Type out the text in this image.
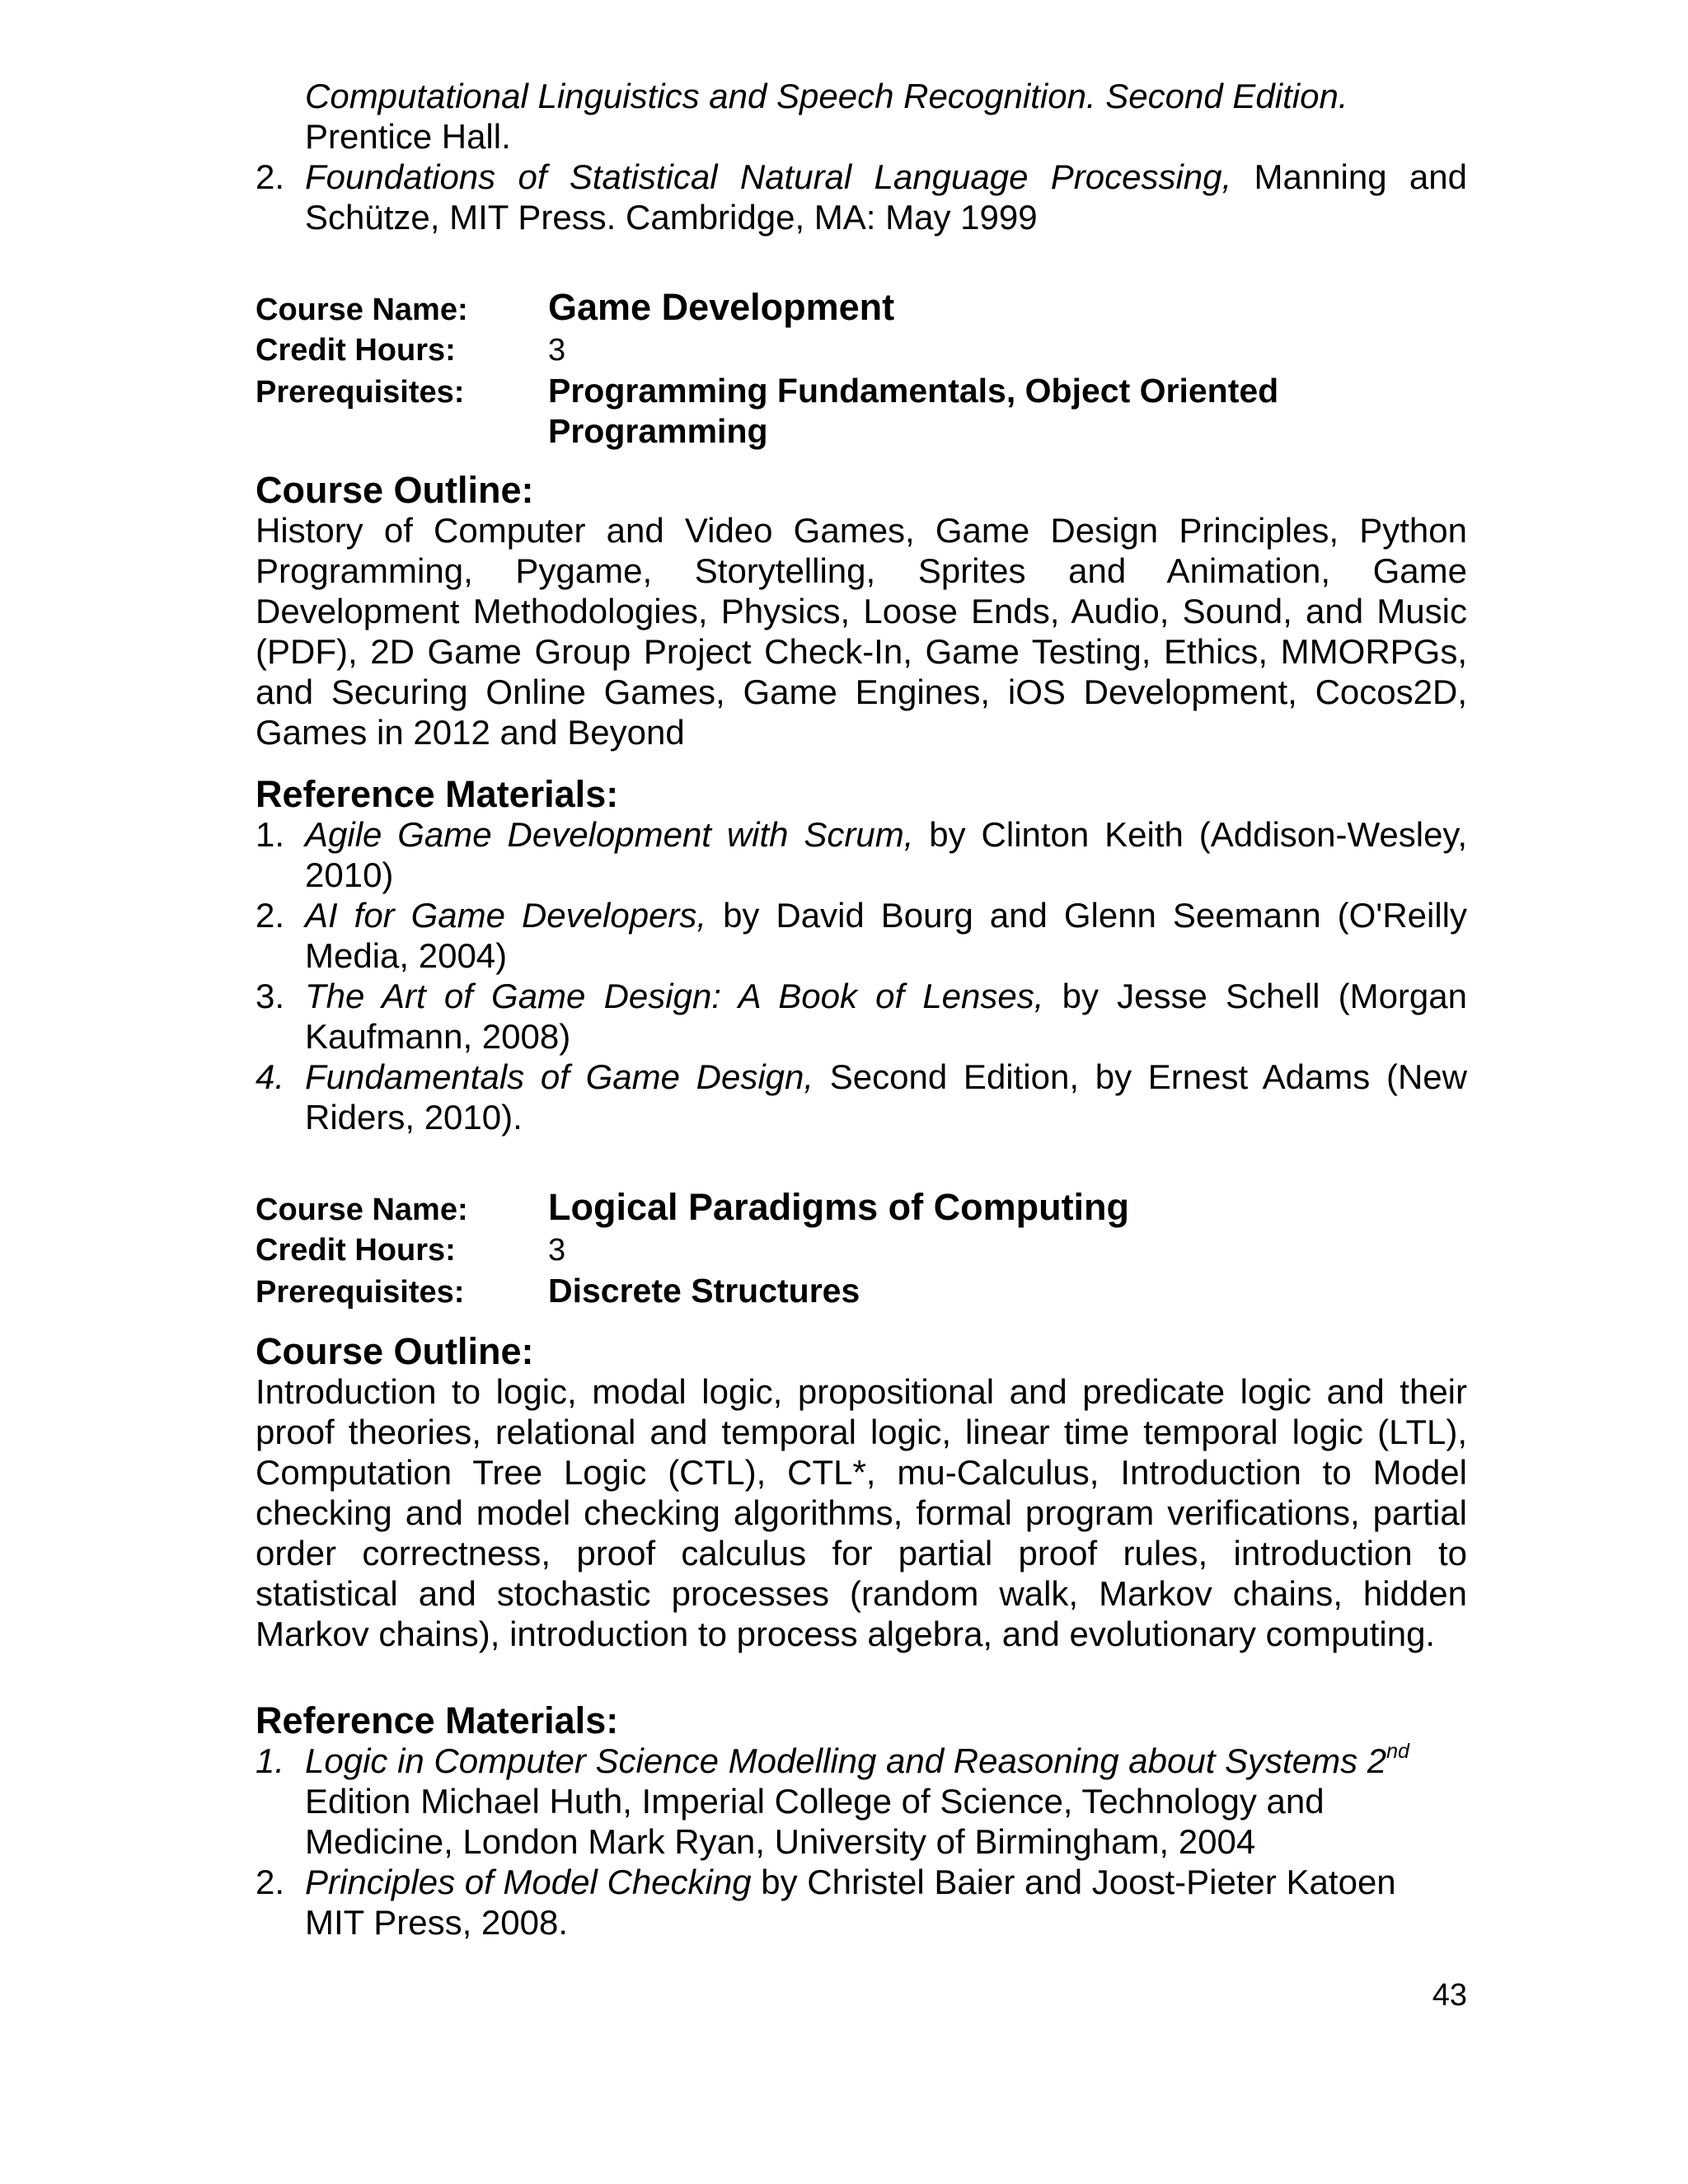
Computational Linguistics and Speech Recognition. Second Edition.
Prentice Hall.
2. Foundations of Statistical Natural Language Processing, Manning and Schütze, MIT Press. Cambridge, MA: May 1999
Course Name:	Game Development
Credit Hours:	3
Prerequisites:	Programming Fundamentals, Object Oriented Programming
Course Outline:
History of Computer and Video Games, Game Design Principles, Python Programming, Pygame, Storytelling, Sprites and Animation, Game Development Methodologies, Physics, Loose Ends, Audio, Sound, and Music (PDF), 2D Game Group Project Check-In, Game Testing, Ethics, MMORPGs, and Securing Online Games, Game Engines, iOS Development, Cocos2D, Games in 2012 and Beyond
Reference Materials:
1. Agile Game Development with Scrum, by Clinton Keith (Addison-Wesley, 2010)
2. AI for Game Developers, by David Bourg and Glenn Seemann (O'Reilly Media, 2004)
3. The Art of Game Design: A Book of Lenses, by Jesse Schell (Morgan Kaufmann, 2008)
4. Fundamentals of Game Design, Second Edition, by Ernest Adams (New Riders, 2010).
Course Name:	Logical Paradigms of Computing
Credit Hours:	3
Prerequisites:	Discrete Structures
Course Outline:
Introduction to logic, modal logic, propositional and predicate logic and their proof theories, relational and temporal logic, linear time temporal logic (LTL), Computation Tree Logic (CTL), CTL*, mu-Calculus, Introduction to Model checking and model checking algorithms, formal program verifications, partial order correctness, proof calculus for partial proof rules, introduction to statistical and stochastic processes (random walk, Markov chains, hidden Markov chains), introduction to process algebra, and evolutionary computing.
Reference Materials:
1. Logic in Computer Science Modelling and Reasoning about Systems 2nd
Edition Michael Huth, Imperial College of Science, Technology and Medicine, London Mark Ryan, University of Birmingham, 2004
2. Principles of Model Checking by Christel Baier and Joost-Pieter Katoen MIT Press, 2008.
43
